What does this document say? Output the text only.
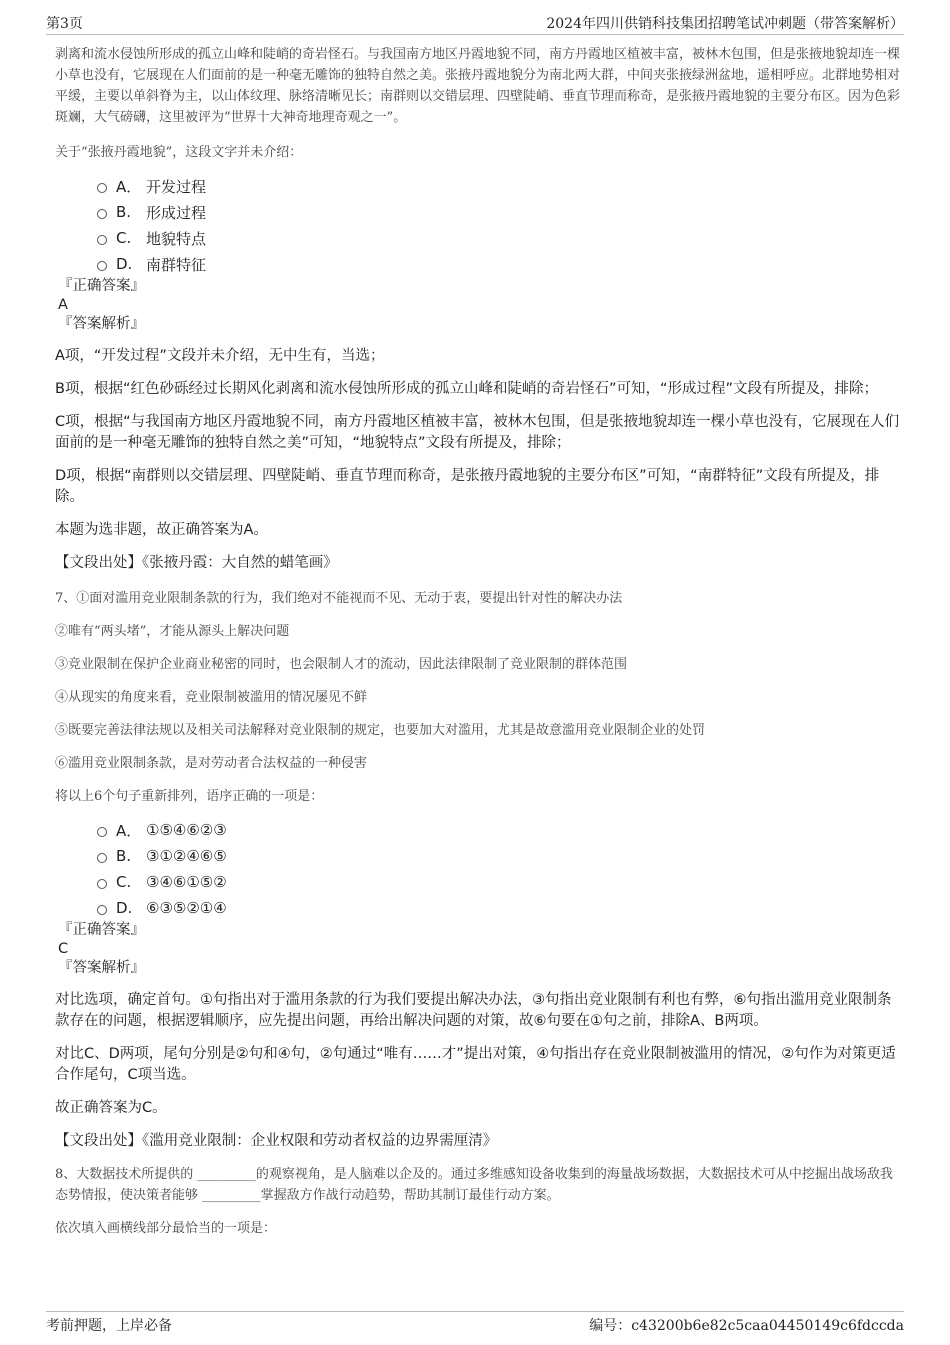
第3页	2024年四川供销科技集团招聘笔试冲刺题（带答案解析）

剥离和流水侵蚀所形成的孤立山峰和陡峭的奇岩怪石。与我国南方地区丹霞地貌不同，南方丹霞地区植被丰富，被林木包围，但是张掖地貌却连一棵小草也没有，它展现在人们面前的是一种毫无雕饰的独特自然之美。张掖丹霞地貌分为南北两大群，中间夹张掖绿洲盆地，遥相呼应。北群地势相对平缓，主要以单斜脊为主，以山体纹理、脉络清晰见长；南群则以交错层理、四壁陡峭、垂直节理而称奇，是张掖丹霞地貌的主要分布区。因为色彩斑斓，大气磅礴，这里被评为“世界十大神奇地理奇观之一”。

关于“张掖丹霞地貌”，这段文字并未介绍：

A． 开发过程
B. 形成过程
C. 地貌特点
D. 南群特征

『正确答案』

A

『答案解析』

A项，“开发过程”文段并未介绍，无中生有，当选；

B项，根据“红色砂砾经过长期风化剥离和流水侵蚀所形成的孤立山峰和陡峭的奇岩怪石”可知，“形成过程”文段有所提及，排除；

C项，根据“与我国南方地区丹霞地貌不同，南方丹霞地区植被丰富，被林木包围，但是张掖地貌却连一棵小草也没有，它展现在人们面前的是一种毫无雕饰的独特自然之美”可知，“地貌特点”文段有所提及，排除；

D项，根据“南群则以交错层理、四壁陡峭、垂直节理而称奇，是张掖丹霞地貌的主要分布区”可知，“南群特征”文段有所提及，排除。

本题为选非题，故正确答案为A。

【文段出处】《张掖丹霞：大自然的蜡笔画》

7、①面对滥用竞业限制条款的行为，我们绝对不能视而不见、无动于衷，要提出针对性的解决办法

②唯有“两头堵”，才能从源头上解决问题

③竞业限制在保护企业商业秘密的同时，也会限制人才的流动，因此法律限制了竞业限制的群体范围

④从现实的角度来看，竞业限制被滥用的情况屡见不鲜

⑤既要完善法律法规以及相关司法解释对竞业限制的规定，也要加大对滥用，尤其是故意滥用竞业限制企业的处罚

⑥滥用竞业限制条款，是对劳动者合法权益的一种侵害

将以上6个句子重新排列，语序正确的一项是：

A． ①⑤④⑥②③
B. ③①②④⑥⑤
C. ③④⑥①⑤②
D. ⑥③⑤②①④

『正确答案』

C

『答案解析』

对比选项，确定首句。①句指出对于滥用条款的行为我们要提出解决办法，③句指出竞业限制有利也有弊，⑥句指出滥用竞业限制条款存在的问题，根据逻辑顺序，应先提出问题，再给出解决问题的对策，故⑥句要在①句之前，排除A、B两项。

对比C、D两项，尾句分别是②句和④句，②句通过“唯有……才”提出对策，④句指出存在竞业限制被滥用的情况，②句作为对策更适合作尾句，C项当选。

故正确答案为C。

【文段出处】《滥用竞业限制：企业权限和劳动者权益的边界需厘清》

8、大数据技术所提供的 _________的观察视角，是人脑难以企及的。通过多维感知设备收集到的海量战场数据，大数据技术可从中挖掘出战场敌我态势情报，使决策者能够 _________掌握敌方作战行动趋势，帮助其制订最佳行动方案。

依次填入画横线部分最恰当的一项是：

考前押题，上岸必备	编号：c43200b6e82c5caa04450149c6fdccda
